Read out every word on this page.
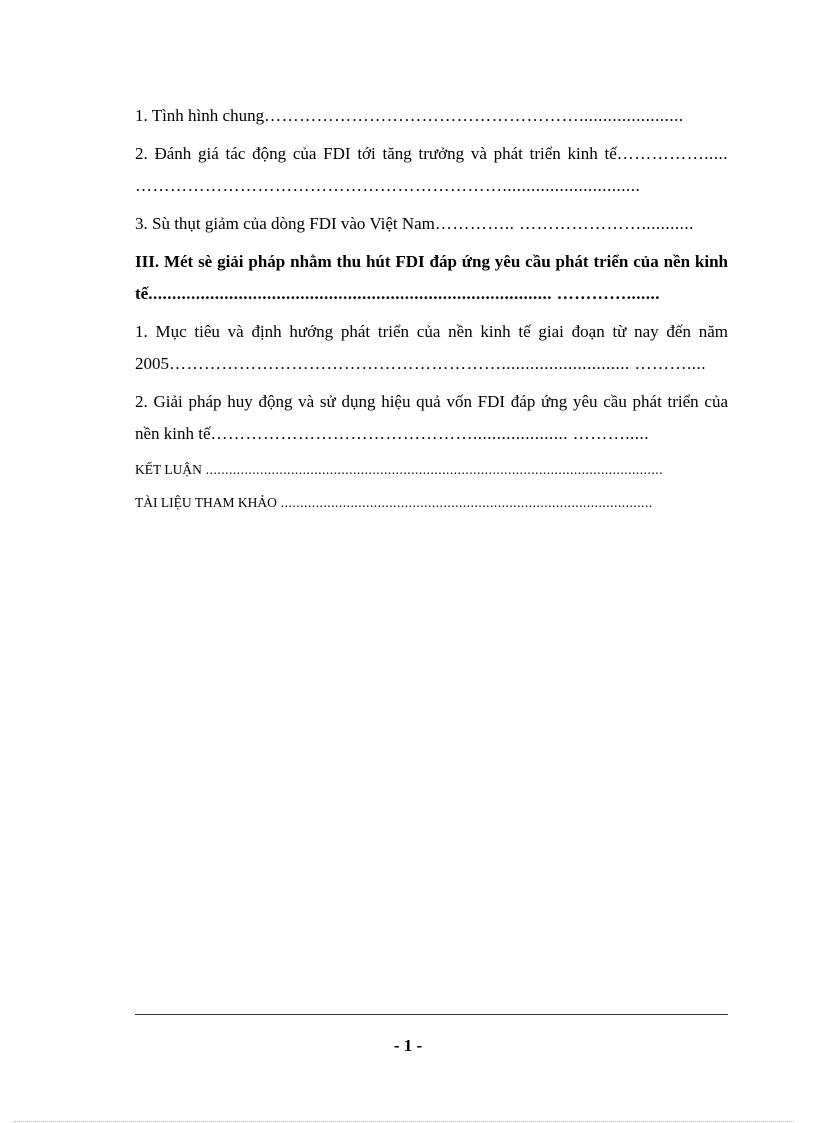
1. Tình hình chung………………………………………………......................

2. Đánh giá tác động của FDI tới tăng trưởng và phát triển kinh tế……………..... ……………………………………………………….............................

3. Sù thụt giảm của dòng FDI vào Việt Nam………….. …………………...........

III. Mét sè giải pháp nhằm thu hút FDI đáp ứng yêu cầu phát triển của nền kinh tế..................................................................................... ………….......

1. Mục tiêu và định hướng phát triển của nền kinh tế giai đoạn từ nay đến năm 2005…………………………………………………........................... ………....

2. Giải pháp huy động và sử dụng hiệu quả vốn FDI đáp ứng yêu cầu phát triển của nền kinh tế……………………………………….................... ……….....

KẾT LUẬN ......................................................................................................................

TÀI LIỆU THAM KHẢO ................................................................................................

- 1 -
